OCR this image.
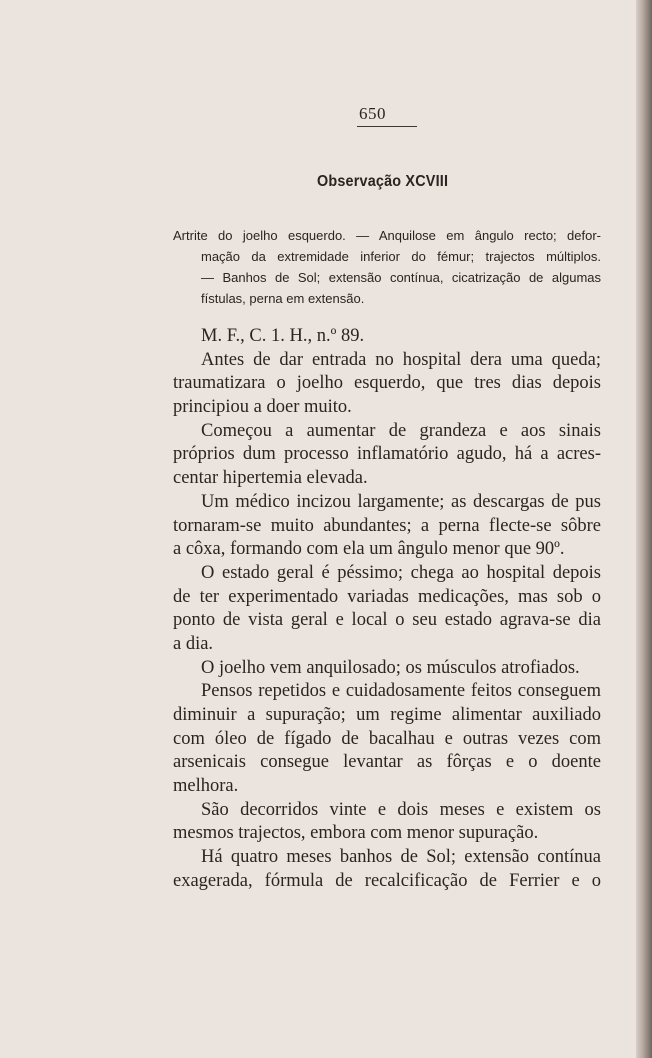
650
Observação XCVIII
Artrite do joelho esquerdo. — Anquilose em ângulo recto; defor-
mação da extremidade inferior do fémur; trajectos múltiplos.
— Banhos de Sol; extensão contínua, cicatrização de algumas
fístulas, perna em extensão.
M. F., C. 1. H., n.º 89.
Antes de dar entrada no hospital dera uma queda;
traumatizara o joelho esquerdo, que tres dias depois
principiou a doer muito.
Começou a aumentar de grandeza e aos sinais
próprios dum processo inflamatório agudo, há a acres-
centar hipertemia elevada.
Um médico incizou largamente; as descargas de pus
tornaram-se muito abundantes; a perna flecte-se sôbre
a côxa, formando com ela um ângulo menor que 90º.
O estado geral é péssimo; chega ao hospital depois
de ter experimentado variadas medicações, mas sob o
ponto de vista geral e local o seu estado agrava-se dia
a dia.
O joelho vem anquilosado; os músculos atrofiados.
Pensos repetidos e cuidadosamente feitos conseguem
diminuir a supuração; um regime alimentar auxiliado
com óleo de fígado de bacalhau e outras vezes com
arsenicais consegue levantar as fôrças e o doente
melhora.
São decorridos vinte e dois meses e existem os
mesmos trajectos, embora com menor supuração.
Há quatro meses banhos de Sol; extensão contínua
exagerada, fórmula de recalcificação de Ferrier e o
